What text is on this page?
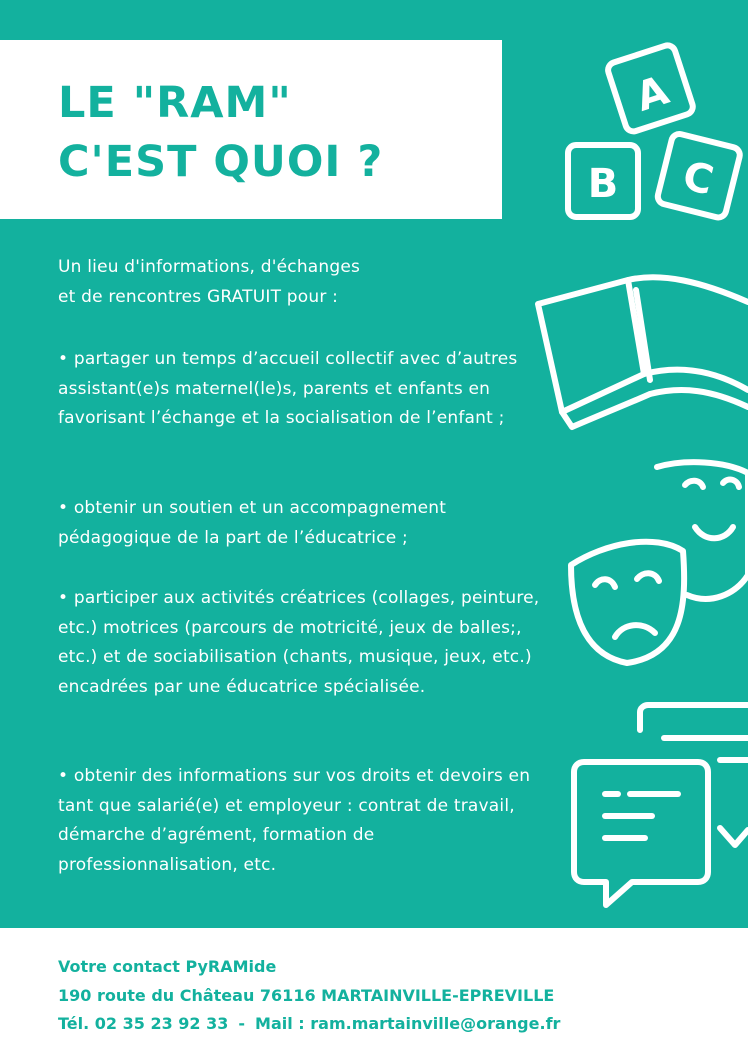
LE "RAM"
C'EST QUOI ?

Un lieu d'informations, d'échanges

et de rencontres GRATUIT pour :

• partager un temps d’accueil collectif avec d’autres assistant(e)s maternel(le)s, parents et enfants en favorisant l’échange et la socialisation de l’enfant ;
• obtenir un soutien et un accompagnement pédagogique de la part de l’éducatrice ;
• participer aux activités créatrices (collages, peinture, etc.) motrices (parcours de motricité, jeux de balles;, etc.) et de sociabilisation (chants, musique, jeux, etc.) encadrées par une éducatrice spécialisée.
• obtenir des informations sur vos droits et devoirs en tant que salarié(e) et employeur : contrat de travail, démarche d’agrément, formation de professionnalisation, etc.
A
B C
Votre contact PyRAMide
190 route du Château 76116 MARTAINVILLE-EPREVILLE
Tél. 02 35 23 92 33 - Mail : ram.martainville@orange.fr
